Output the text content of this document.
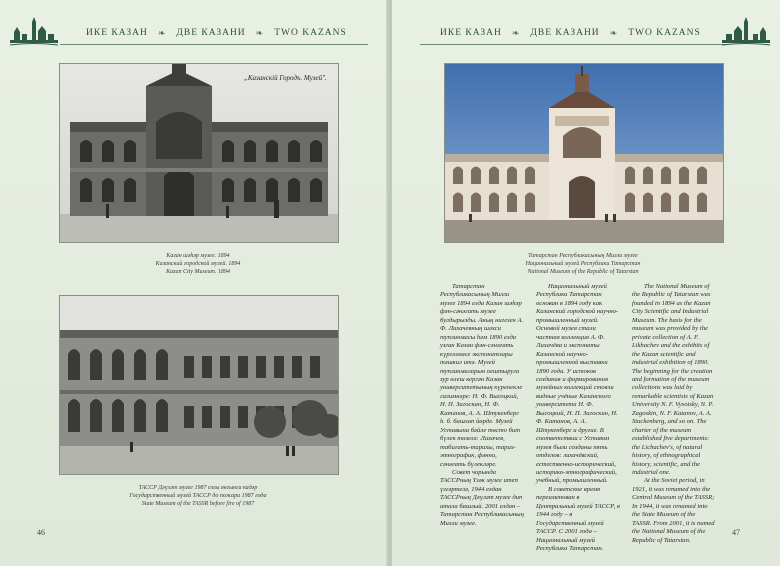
ИКЕ КАЗАН ❧ ДВЕ КАЗАНИ ❧ TWO KAZANS
„Казанскій Городъ. Музей".
Казан шәһәр музее. 1894
Казанский городской музей. 1894
Kazan City Museum. 1894
ТАССР Дәүләт музее 1987 елгы янгынга кадәр
Государственный музей ТАССР до пожара 1987 года
State Museum of the TASSR before fire of 1987
46
ИКЕ КАЗАН ❧ ДВЕ КАЗАНИ ❧ TWO KAZANS
Татарстан Республикасының Милли музее
Национальный музей Республики Татарстан
National Museum of the Republic of Tatarstan

Татарстан Республикасының Милли музее 1894 елда Казан шәһәр фән-сәнәгать музее булдырылды. Аның нигезен А. Ф. Лихачевның шәхси тупланмасы һәм 1890 елда узган Казан фән-сәнәгать күргәзмәсе экспонатлары тәшкил итә. Музей тупланмаларын оештыруга зур өлеш кергән Казан университетының күренекле галимнәре: Н. Ф. Высоцкий, Н. П. Загоскин, Н. Ф. Катанов, А. А. Штукенберг һ. б. башлап йөрде. Музей Уставына бәйле төсто бит бүлек төзелә: Лихачев, табигать-тарихы, тарих-этнографик, фәнни, сәнәгать бүлекләре.

Совет чорында ТАССРның Үзәк музее итеп үзгәртелә, 1944 елдан ТАССРның Дәүләт музее дип атала башлый. 2001 елдан – Татарстан Республикасының Милли музее.

Национальный музей Республики Татарстан основан в 1894 году как Казанский городской научно-промышленный музей. Основой музея стали частная коллекция А. Ф. Лихачёва и экспонаты Казанской научно-промышленной выставки 1890 года. У истоков создания и формирования музейных коллекций стояли видные учёные Казанского университета Н. Ф. Высоцкий, Н. П. Загоскин, Н. Ф. Катанов, А. А. Штукенберг и другие. В соответствии с Уставом музея были созданы пять отделов: лихачёвский, естественно-исторический, историко-этнографический, учебный, промышленный.

В советское время переименован в Центральный музей ТАССР, в 1944 году – в Государственный музей ТАССР. С 2001 года – Национальный музей Республики Татарстан.

The National Museum of the Republic of Tatarstan was founded in 1894 as the Kazan City Scientific and Industrial Museum. The basis for the museum was provided by the private collection of A. F. Likhachev and the exhibits of the Kazan scientific and industrial exhibition of 1890. The beginning for the creation and formation of the museum collections was laid by remarkable scientists of Kazan University N. F. Vysotsky, N. P. Zagoskin, N. F. Katanov, A. A. Stuckenberg, and so on. The charter of the museum established five departments: the Lichachev's, of natural history, of ethnographical history, scientific, and the industrial one.

At the Soviet period, in 1921, it was renamed into the Central Museum of the TASSR; In 1944, it was renamed into the State Museum of the TASSR. From 2001, it is named the National Museum of the Republic of Tatarstan.

47
